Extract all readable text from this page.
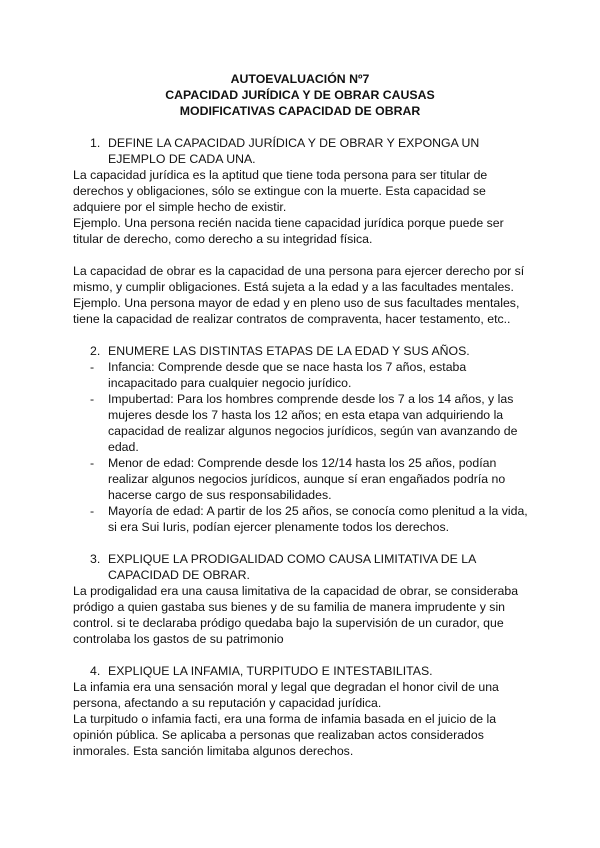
AUTOEVALUACIÓN Nº7
CAPACIDAD JURÍDICA Y DE OBRAR CAUSAS
MODIFICATIVAS CAPACIDAD DE OBRAR
1. DEFINE LA CAPACIDAD JURÍDICA Y DE OBRAR Y EXPONGA UN
EJEMPLO DE CADA UNA.
La capacidad jurídica es la aptitud que tiene toda persona para ser titular de
derechos y obligaciones, sólo se extingue con la muerte. Esta capacidad se
adquiere por el simple hecho de existir.
Ejemplo. Una persona recién nacida tiene capacidad jurídica porque puede ser
titular de derecho, como derecho a su integridad física.
La capacidad de obrar es la capacidad de una persona para ejercer derecho por sí
mismo, y cumplir obligaciones. Está sujeta a la edad y a las facultades mentales.
Ejemplo. Una persona mayor de edad y en pleno uso de sus facultades mentales,
tiene la capacidad de realizar contratos de compraventa, hacer testamento, etc..
2. ENUMERE LAS DISTINTAS ETAPAS DE LA EDAD Y SUS AÑOS.
- Infancia: Comprende desde que se nace hasta los 7 años, estaba
incapacitado para cualquier negocio jurídico.
- Impubertad: Para los hombres comprende desde los 7 a los 14 años, y las
mujeres desde los 7 hasta los 12 años; en esta etapa van adquiriendo la
capacidad de realizar algunos negocios jurídicos, según van avanzando de
edad.
- Menor de edad: Comprende desde los 12/14 hasta los 25 años, podían
realizar algunos negocios jurídicos, aunque sí eran engañados podría no
hacerse cargo de sus responsabilidades.
- Mayoría de edad: A partir de los 25 años, se conocía como plenitud a la vida,
si era Sui Iuris, podían ejercer plenamente todos los derechos.
3. EXPLIQUE LA PRODIGALIDAD COMO CAUSA LIMITATIVA DE LA
CAPACIDAD DE OBRAR.
La prodigalidad era una causa limitativa de la capacidad de obrar, se consideraba
pródigo a quien gastaba sus bienes y de su familia de manera imprudente y sin
control. si te declaraba pródigo quedaba bajo la supervisión de un curador, que
controlaba los gastos de su patrimonio
4. EXPLIQUE LA INFAMIA, TURPITUDO E INTESTABILITAS.
La infamia era una sensación moral y legal que degradan el honor civil de una
persona, afectando a su reputación y capacidad jurídica.
La turpitudo o infamia facti, era una forma de infamia basada en el juicio de la
opinión pública. Se aplicaba a personas que realizaban actos considerados
inmorales. Esta sanción limitaba algunos derechos.
